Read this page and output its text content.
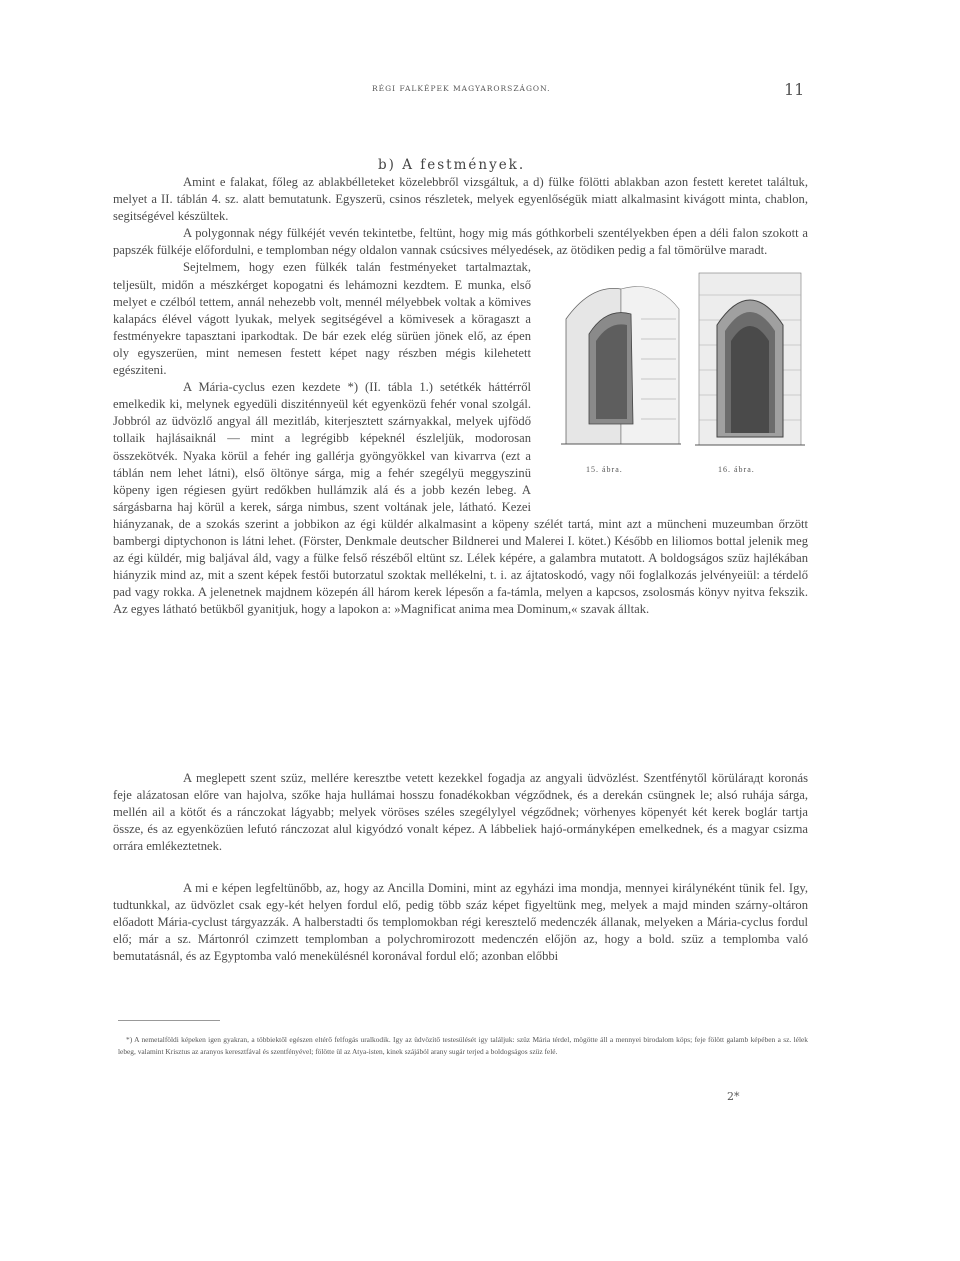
RÉGI FALKÉPEK MAGYARORSZÁGON.	11
b) A festmények.

Amint e falakat, főleg az ablakbélleteket közelebbről vizsgáltuk, a d) fülke fölötti ablakban azon festett keretet találtuk, melyet a II. táblán 4. sz. alatt bemutatunk. Egyszerü, csinos részletek, melyek egyenlőségük miatt alkalmasint kivágott minta, chablon, segitségével készültek.

A polygonnak négy fülkéjét vevén tekintetbe, feltünt, hogy mig más góthkorbeli szentélyekben épen a déli falon szokott a papszék fülkéje előfordulni, e templomban négy oldalon vannak csúcsives mélyedések, az ötödiken pedig a fal tömörülve maradt.

15. ábra.	16. ábra.

Sejtelmem, hogy ezen fülkék talán festményeket tartalmaztak, teljesült, midőn a mészkérget kopogatni és lehámozni kezdtem. E munka, első melyet e czélból tettem, annál nehezebb volt, mennél mélyebbek voltak a kömives kalapács élével vágott lyukak, melyek segitségével a kömivesek a köragaszt a festményekre tapasztani iparkodtak. De bár ezek elég sürüen jönek elő, az épen oly egyszerüen, mint nemesen festett képet nagy részben mégis kilehetett egésziteni.

A Mária-cyclus ezen kezdete *) (II. tábla 1.) setétkék háttérről emelkedik ki, melynek egyedüli disziténnyeül két egyenközü fehér vonal szolgál. Jobbról az üdvözlő angyal áll mezitláb, kiterjesztett szárnyakkal, melyek ujfödő tollaik hajlásaiknál — mint a legrégibb képeknél észleljük, modorosan összekötvék. Nyaka körül a fehér ing gallérja gyöngyökkel van kivarrva (ezt a táblán nem lehet látni), első öltönye sárga, mig a fehér szegélyü meggyszinü köpeny igen régiesen gyürt redőkben hullámzik alá és a jobb kezén lebeg. A sárgásbarna haj körül a kerek, sárga nimbus, szent voltának jele, látható. Kezei hiányzanak, de a szokás szerint a jobbikon az égi küldér alkalmasint a köpeny szélét tartá, mint azt a müncheni muzeumban őrzött bambergi diptychonon is látni lehet. (Förster, Denkmale deutscher Bildnerei und Malerei I. kötet.) Később en liliomos bottal jelenik meg az égi küldér, mig baljával áld, vagy a fülke felső részéből eltünt sz. Lélek képére, a galambra mutatott. A boldogságos szüz hajlékában hiányzik mind az, mit a szent képek festői butorzatul szoktak mellékelni, t. i. az ájtatoskodó, vagy női foglalkozás jelvényeiül: a térdelő pad vagy rokka. A jelenetnek majdnem közepén áll három kerek lépesőn a fa-támla, melyen a kapcsos, zsolosmás könyv nyitva fekszik. Az egyes látható betükből gyanitjuk, hogy a lapokon a: »Magnificat anima mea Dominum,« szavak álltak.

A meglepett szent szüz, mellére keresztbe vetett kezekkel fogadja az angyali üdvözlést. Szentfénytől körülárадt koronás feje alázatosan előre van hajolva, szőke haja hullámai hosszu fonadékokban végződnek, és a derekán csüngnek le; alsó ruhája sárga, mellén ail a kötőt és a ránczokat lágyabb; melyek vöröses széles szegélylyel végződnek; vörhenyes köpenyét két kerek boglár tartja össze, és az egyenközüen lefutó ránczozat alul kigyódzó vonalt képez. A lábbeliek hajó-ormányképen emelkednek, és a magyar csizma orrára emlékeztetnek.

A mi e képen legfeltünőbb, az, hogy az Ancilla Domini, mint az egyházi ima mondja, mennyei királynéként tünik fel. Igy, tudtunkkal, az üdvözlet csak egy-két helyen fordul elő, pedig több száz képet figyeltünk meg, melyek a majd minden szárny-oltáron előadott Mária-cyclust tárgyazzák. A halberstadti ős templomokban régi keresztelő medenczék állanak, melyeken a Mária-cyclus fordul elő; már a sz. Mártonról czimzett templomban a polychromirozott medenczén előjön az, hogy a bold. szüz a templomba való bemutatásnál, és az Egyptomba való menekülésnél koronával fordul elő; azonban előbbi

*) A nemetalföldi képeken igen gyakran, a többiektől egészen eltérő felfogás uralkodik. Igy az üdvözítő testesülését igy találjuk: szüz Mária térdel, mögötte áll a mennyei birodalom köps; feje fölött galamb képében a sz. lélek lebeg, valamint Krisztus az aranyos keresztfával és szentfényével; fölötte ül az Atya-isten, kinek szájából arany sugár terjed a boldogságos szüz felé.
2*
